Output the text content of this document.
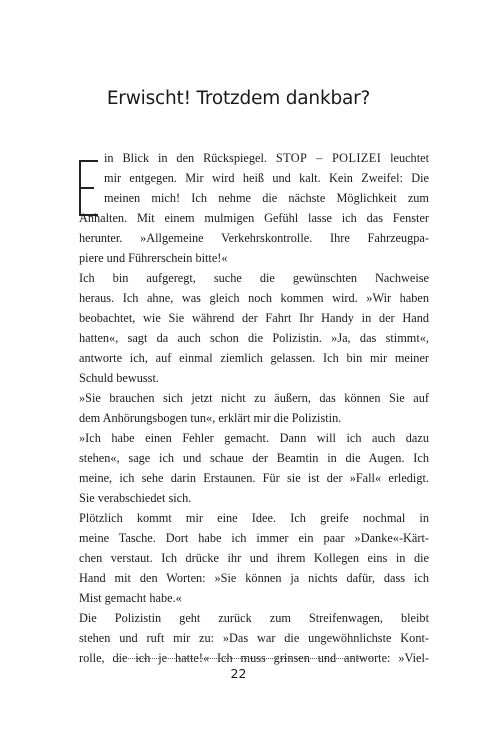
Erwischt! Trotzdem dankbar?
in Blick in den Rückspiegel. STOP – POLIZEI leuchtet
mir entgegen. Mir wird heiß und kalt. Kein Zweifel: Die
meinen mich! Ich nehme die nächste Möglichkeit zum
Anhalten. Mit einem mulmigen Gefühl lasse ich das Fenster
herunter. »Allgemeine Verkehrskontrolle. Ihre Fahrzeugpa-
piere und Führerschein bitte!«
Ich bin aufgeregt, suche die gewünschten Nachweise
heraus. Ich ahne, was gleich noch kommen wird. »Wir haben
beobachtet, wie Sie während der Fahrt Ihr Handy in der Hand
hatten«, sagt da auch schon die Polizistin. »Ja, das stimmt«,
antworte ich, auf einmal ziemlich gelassen. Ich bin mir meiner
Schuld bewusst.
»Sie brauchen sich jetzt nicht zu äußern, das können Sie auf
dem Anhörungsbogen tun«, erklärt mir die Polizistin.
»Ich habe einen Fehler gemacht. Dann will ich auch dazu
stehen«, sage ich und schaue der Beamtin in die Augen. Ich
meine, ich sehe darin Erstaunen. Für sie ist der »Fall« erledigt.
Sie verabschiedet sich.
Plötzlich kommt mir eine Idee. Ich greife nochmal in
meine Tasche. Dort habe ich immer ein paar »Danke«-Kärt-
chen verstaut. Ich drücke ihr und ihrem Kollegen eins in die
Hand mit den Worten: »Sie können ja nichts dafür, dass ich
Mist gemacht habe.«
Die Polizistin geht zurück zum Streifenwagen, bleibt
stehen und ruft mir zu: »Das war die ungewöhnlichste Kont-
rolle, die ich je hatte!« Ich muss grinsen und antworte: »Viel-
22
